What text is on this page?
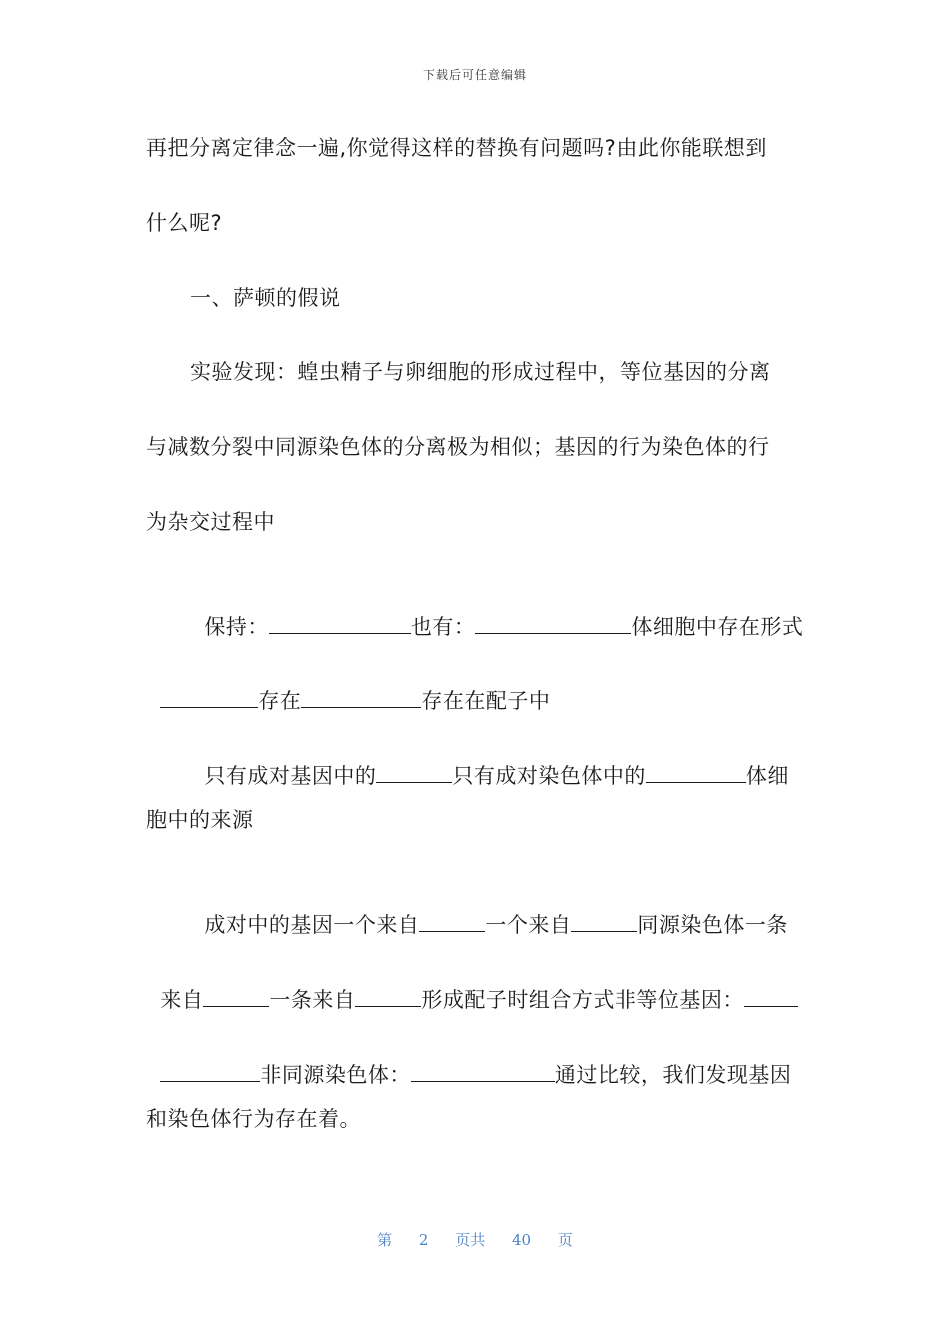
下载后可任意编辑
再把分离定律念一遍,你觉得这样的替换有问题吗?由此你能联想到
什么呢?
一、萨顿的假说
实验发现：蝗虫精子与卵细胞的形成过程中，等位基因的分离
与减数分裂中同源染色体的分离极为相似；基因的行为染色体的行
为杂交过程中

保持：	也有：	体细胞中存在形式

存在	存在在配子中

只有成对基因中的	只有成对染色体中的	体细

胞中的来源

成对中的基因一个来自	一个来自	同源染色体一条

来自	一条来自	形成配子时组合方式非等位基因：

非同源染色体：	通过比较，我们发现基因

和染色体行为存在着。
第 2 页共 40 页
